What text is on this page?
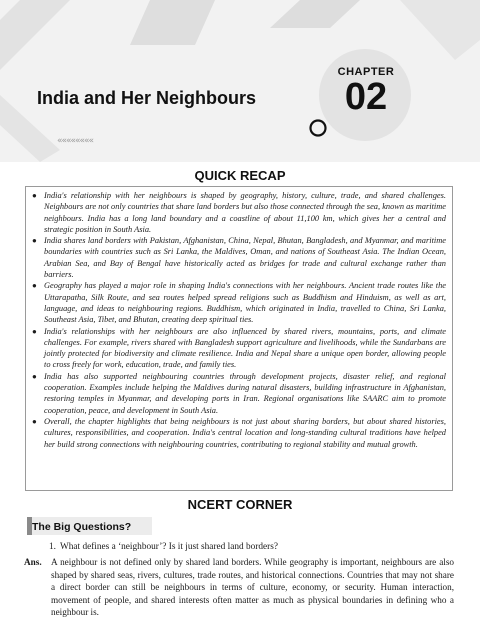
India and Her Neighbours
CHAPTER
02
««««««««
QUICK RECAP
● India's relationship with her neighbours is shaped by geography, history, culture, trade, and shared challenges. Neighbours are not only countries that share land borders but also those connected through the sea, known as maritime neighbours. India has a long land boundary and a coastline of about 11,100 km, which gives her a central and strategic position in South Asia.
● India shares land borders with Pakistan, Afghanistan, China, Nepal, Bhutan, Bangladesh, and Myanmar, and maritime boundaries with countries such as Sri Lanka, the Maldives, Oman, and nations of Southeast Asia. The Indian Ocean, Arabian Sea, and Bay of Bengal have historically acted as bridges for trade and cultural exchange rather than barriers.
● Geography has played a major role in shaping India's connections with her neighbours. Ancient trade routes like the Uttarapatha, Silk Route, and sea routes helped spread religions such as Buddhism and Hinduism, as well as art, language, and ideas to neighbouring regions. Buddhism, which originated in India, travelled to China, Sri Lanka, Southeast Asia, Tibet, and Bhutan, creating deep spiritual ties.
● India's relationships with her neighbours are also influenced by shared rivers, mountains, ports, and climate challenges. For example, rivers shared with Bangladesh support agriculture and livelihoods, while the Sundarbans are jointly protected for biodiversity and climate resilience. India and Nepal share a unique open border, allowing people to cross freely for work, education, trade, and family ties.
● India has also supported neighbouring countries through development projects, disaster relief, and regional cooperation. Examples include helping the Maldives during natural disasters, building infrastructure in Afghanistan, restoring temples in Myanmar, and developing ports in Iran. Regional organisations like SAARC aim to promote cooperation, peace, and development in South Asia.
● Overall, the chapter highlights that being neighbours is not just about sharing borders, but about shared histories, cultures, responsibilities, and cooperation. India's central location and long-standing cultural traditions have helped her build strong connections with neighbouring countries, contributing to regional stability and mutual growth.
NCERT CORNER
The Big Questions?
1. What defines a ‘neighbour’? Is it just shared land borders?
Ans. A neighbour is not defined only by shared land borders. While geography is important, neighbours are also shaped by shared seas, rivers, cultures, trade routes, and historical connections. Countries that may not share a direct border can still be neighbours in terms of culture, economy, or security. Human interaction, movement of people, and shared interests often matter as much as physical boundaries in defining who a neighbour is.
